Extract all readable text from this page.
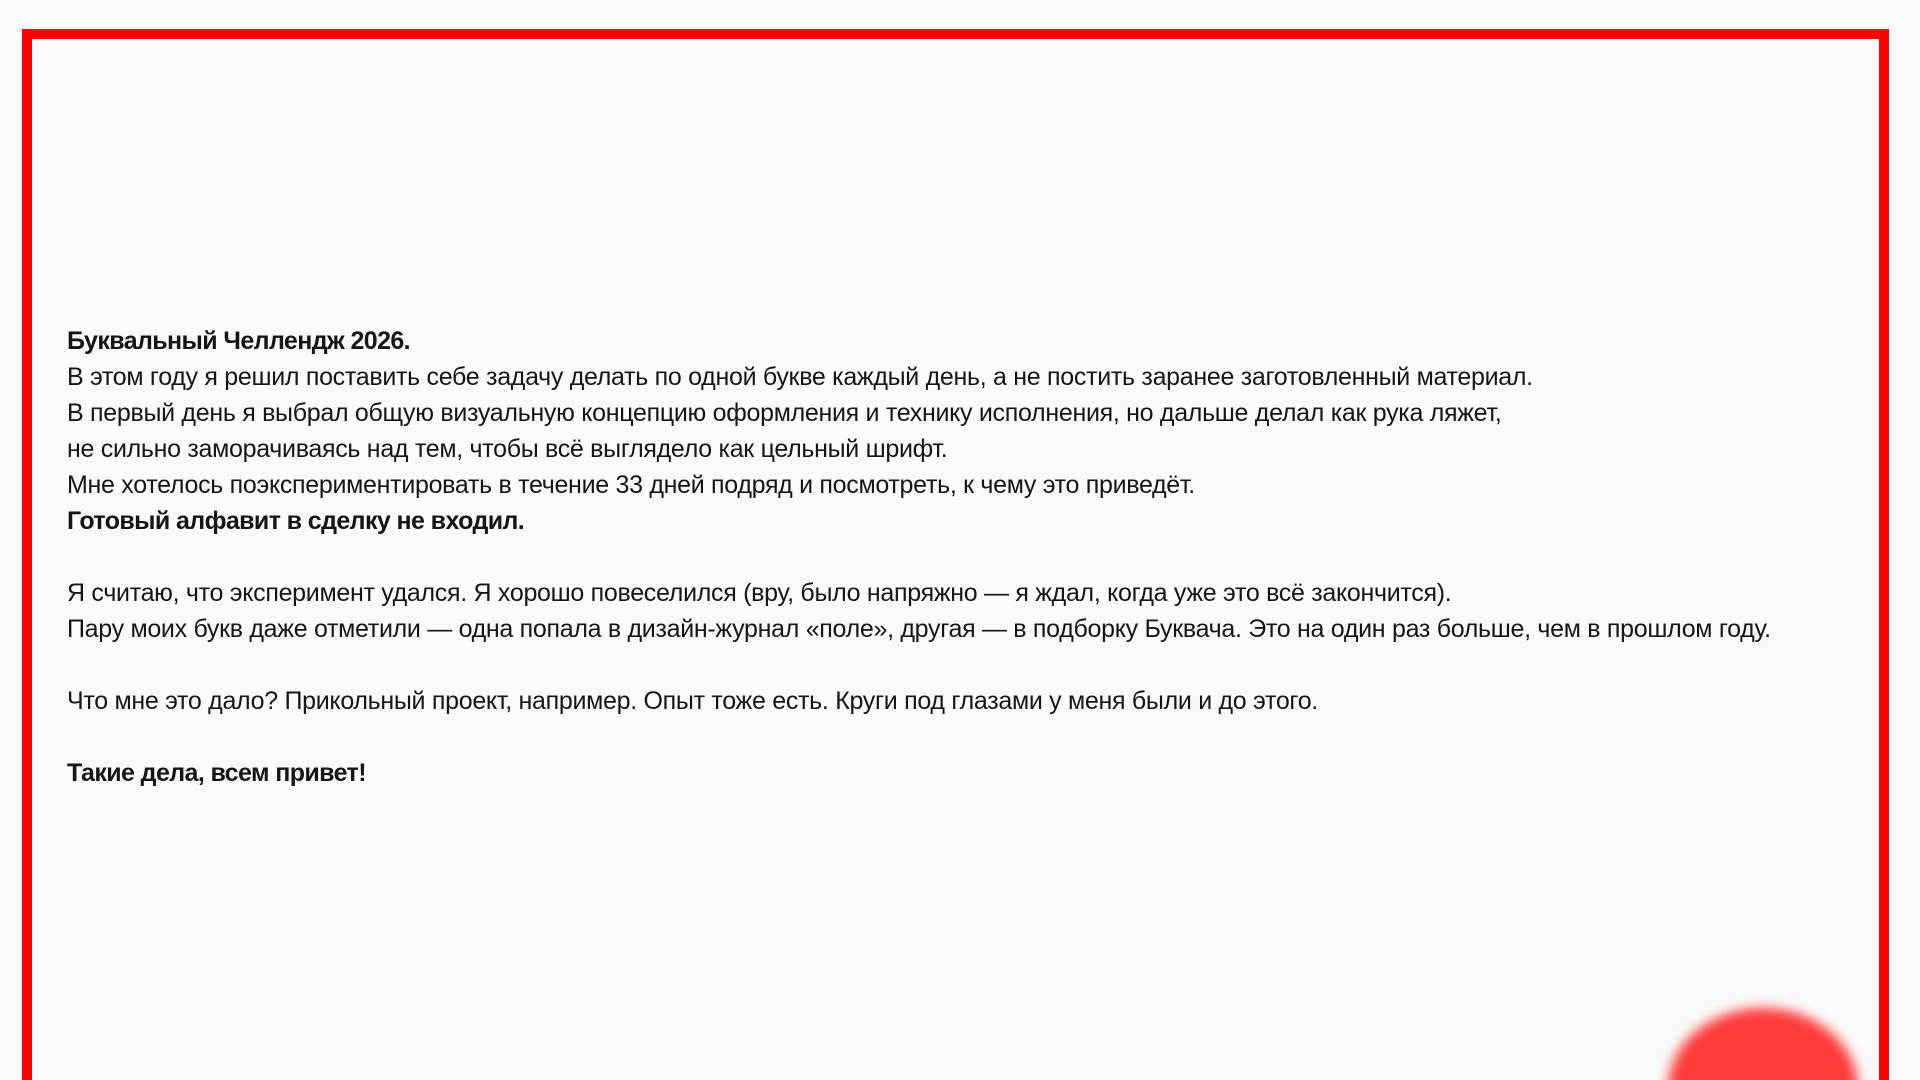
Буквальный Челлендж 2026.
В этом году я решил поставить себе задачу делать по одной букве каждый день, а не постить заранее заготовленный материал.
В первый день я выбрал общую визуальную концепцию оформления и технику исполнения, но дальше делал как рука ляжет,
не сильно заморачиваясь над тем, чтобы всё выглядело как цельный шрифт.
Мне хотелось поэкспериментировать в течение 33 дней подряд и посмотреть, к чему это приведёт.
Готовый алфавит в сделку не входил.
Я считаю, что эксперимент удался. Я хорошо повеселился (вру, было напряжно — я ждал, когда уже это всё закончится).
Пару моих букв даже отметили — одна попала в дизайн-журнал «поле», другая — в подборку Буквача. Это на один раз больше, чем в прошлом году.
Что мне это дало? Прикольный проект, например. Опыт тоже есть. Круги под глазами у меня были и до этого.
Такие дела, всем привет!
